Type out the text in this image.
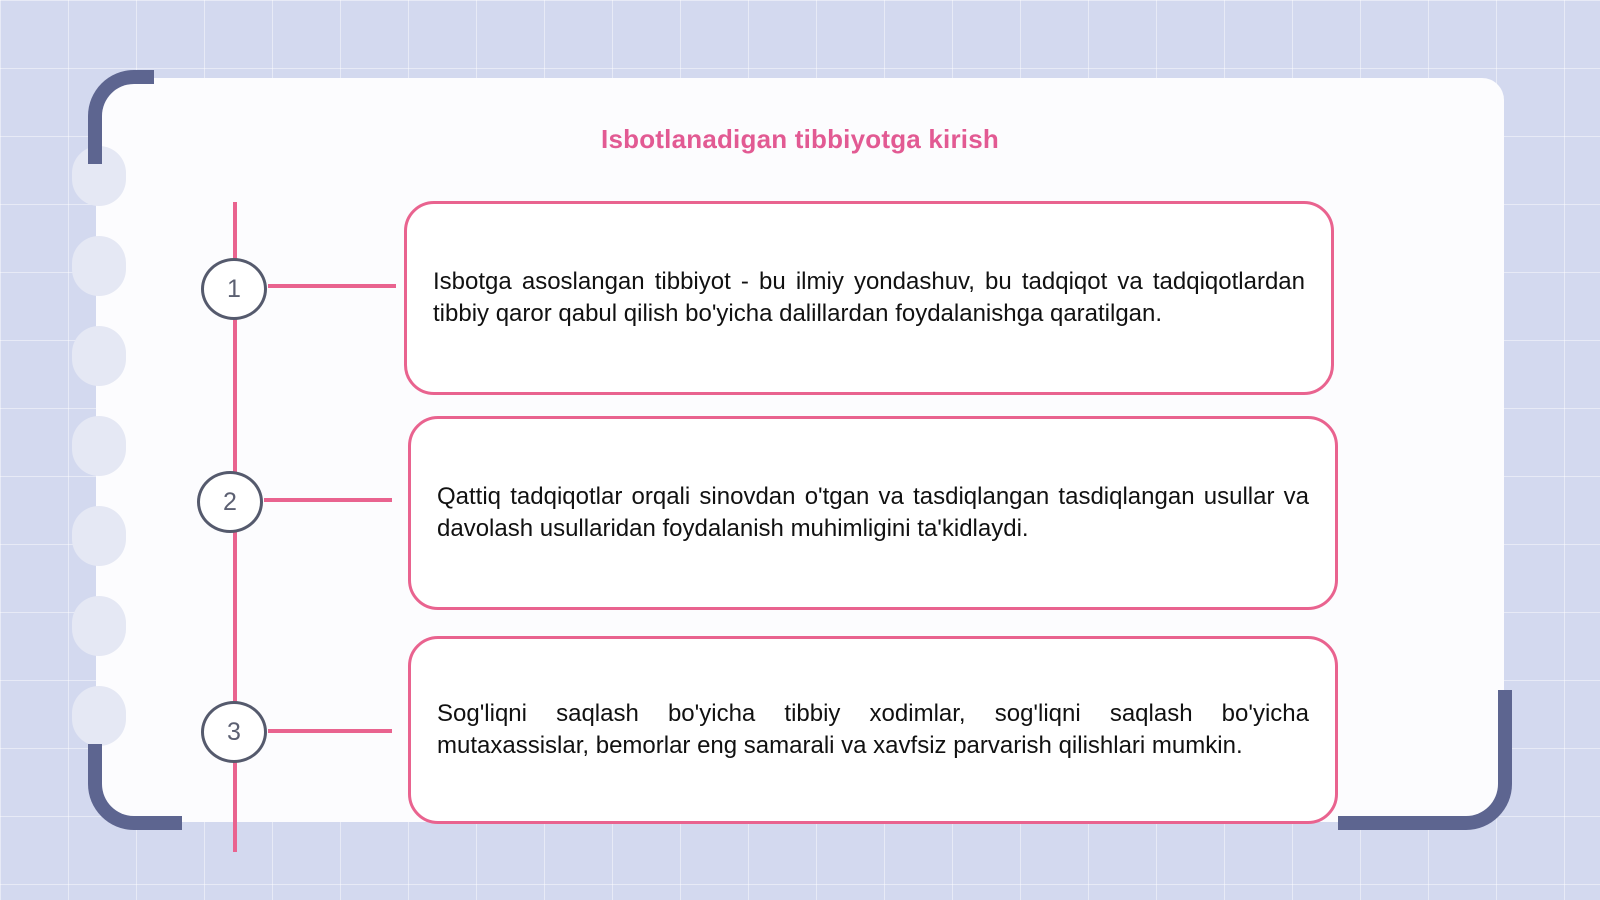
Isbotlanadigan tibbiyotga kirish
1
2
3

Isbotga asoslangan tibbiyot - bu ilmiy yondashuv, bu tadqiqot va tadqiqotlardan tibbiy qaror qabul qilish bo'yicha dalillardan foydalanishga qaratilgan.

Qattiq tadqiqotlar orqali sinovdan o'tgan va tasdiqlangan tasdiqlangan usullar va davolash usullaridan foydalanish muhimligini ta'kidlaydi.

Sog'liqni saqlash bo'yicha tibbiy xodimlar, sog'liqni saqlash bo'yicha mutaxassislar, bemorlar eng samarali va xavfsiz parvarish qilishlari mumkin.
